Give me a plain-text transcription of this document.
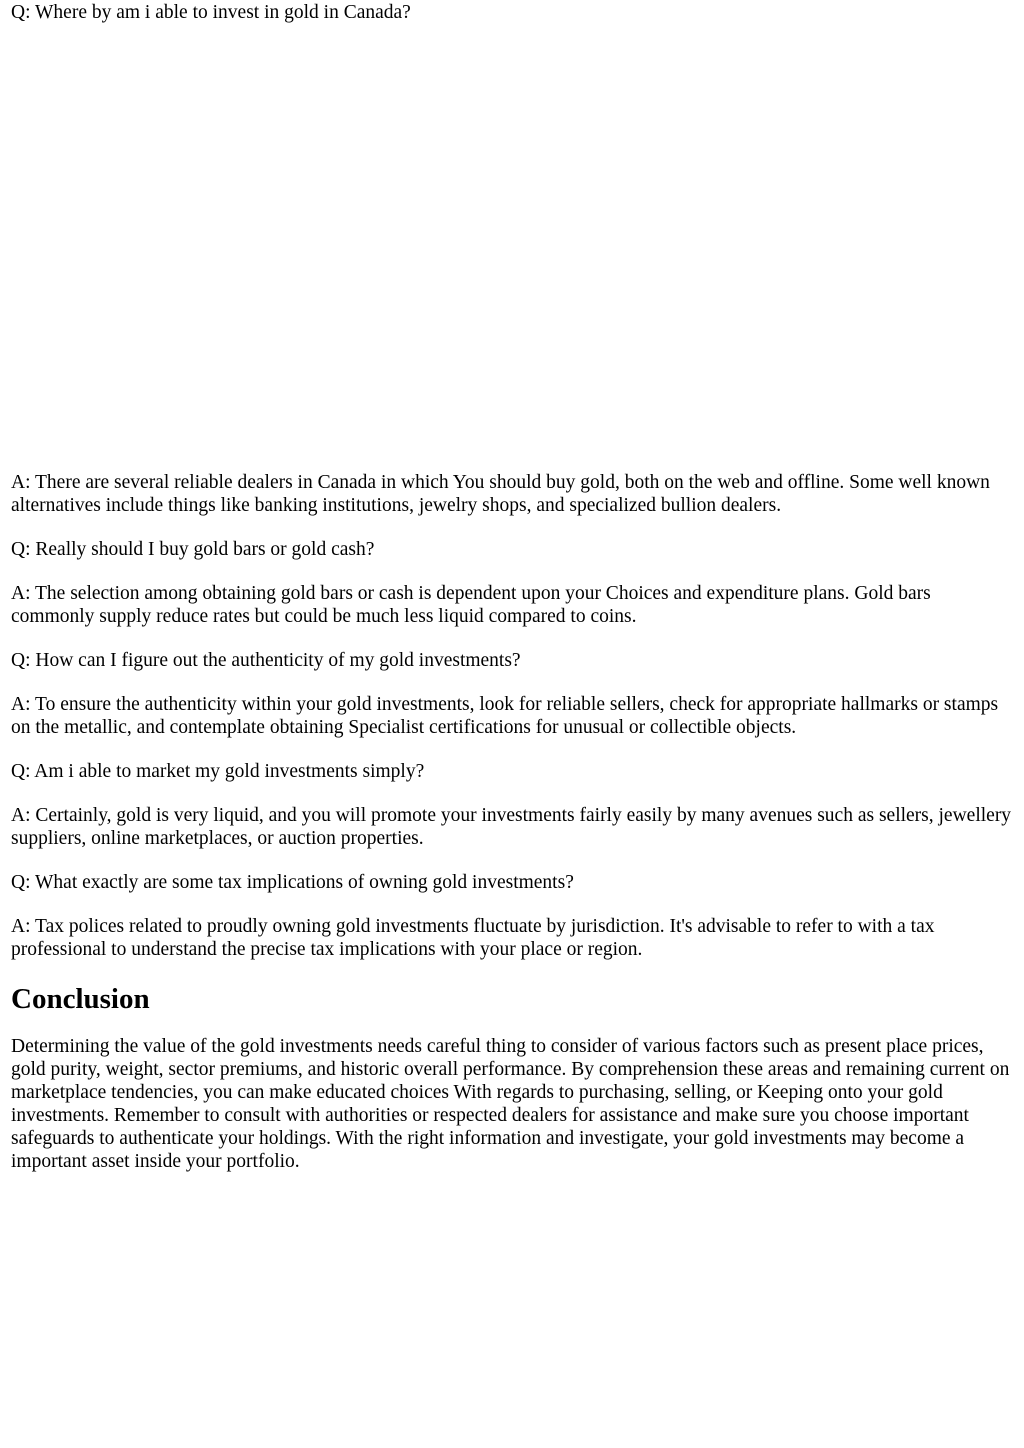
Q: Where by am i able to invest in gold in Canada?

A: There are several reliable dealers in Canada in which You should buy gold, both on the web and offline. Some well known alternatives include things like banking institutions, jewelry shops, and specialized bullion dealers.

Q: Really should I buy gold bars or gold cash?

A: The selection among obtaining gold bars or cash is dependent upon your Choices and expenditure plans. Gold bars commonly supply reduce rates but could be much less liquid compared to coins.

Q: How can I figure out the authenticity of my gold investments?

A: To ensure the authenticity within your gold investments, look for reliable sellers, check for appropriate hallmarks or stamps on the metallic, and contemplate obtaining Specialist certifications for unusual or collectible objects.

Q: Am i able to market my gold investments simply?

A: Certainly, gold is very liquid, and you will promote your investments fairly easily by many avenues such as sellers, jewellery suppliers, online marketplaces, or auction properties.

Q: What exactly are some tax implications of owning gold investments?

A: Tax polices related to proudly owning gold investments fluctuate by jurisdiction. It's advisable to refer to with a tax professional to understand the precise tax implications with your place or region.

Conclusion

Determining the value of the gold investments needs careful thing to consider of various factors such as present place prices, gold purity, weight, sector premiums, and historic overall performance. By comprehension these areas and remaining current on marketplace tendencies, you can make educated choices With regards to purchasing, selling, or Keeping onto your gold investments. Remember to consult with authorities or respected dealers for assistance and make sure you choose important safeguards to authenticate your holdings. With the right information and investigate, your gold investments may become a important asset inside your portfolio.
